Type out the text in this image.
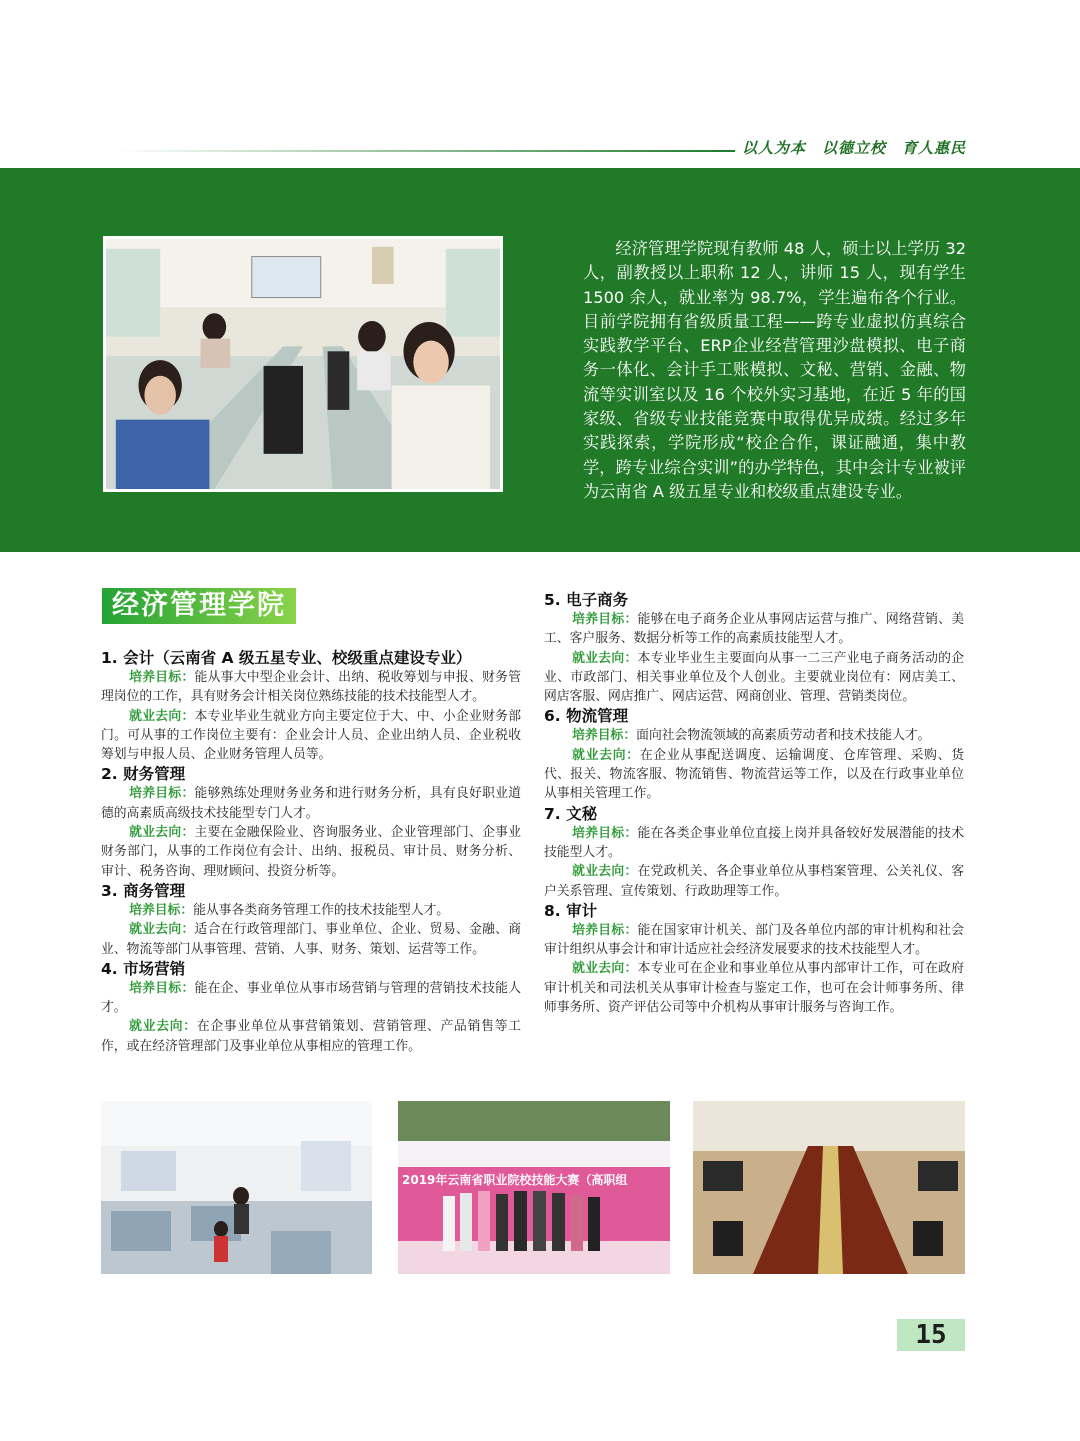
以人为本　以德立校　育人惠民
经济管理学院现有教师 48 人，硕士以上学历 32 人，副教授以上职称 12 人，讲师 15 人，现有学生 1500 余人，就业率为 98.7%，学生遍布各个行业。目前学院拥有省级质量工程——跨专业虚拟仿真综合实践教学平台、ERP企业经营管理沙盘模拟、电子商务一体化、会计手工账模拟、文秘、营销、金融、物流等实训室以及 16 个校外实习基地，在近 5 年的国家级、省级专业技能竞赛中取得优异成绩。经过多年实践探索，学院形成“校企合作，课证融通，集中教学，跨专业综合实训”的办学特色，其中会计专业被评为云南省 A 级五星专业和校级重点建设专业。
经济管理学院
1. 会计（云南省 A 级五星专业、校级重点建设专业）

培养目标：能从事大中型企业会计、出纳、税收筹划与申报、财务管理岗位的工作，具有财务会计相关岗位熟练技能的技术技能型人才。

就业去向：本专业毕业生就业方向主要定位于大、中、小企业财务部门。可从事的工作岗位主要有：企业会计人员、企业出纳人员、企业税收筹划与申报人员、企业财务管理人员等。

2. 财务管理

培养目标：能够熟练处理财务业务和进行财务分析，具有良好职业道德的高素质高级技术技能型专门人才。

就业去向：主要在金融保险业、咨询服务业、企业管理部门、企事业财务部门，从事的工作岗位有会计、出纳、报税员、审计员、财务分析、审计、税务咨询、理财顾问、投资分析等。

3. 商务管理

培养目标：能从事各类商务管理工作的技术技能型人才。

就业去向：适合在行政管理部门、事业单位、企业、贸易、金融、商业、物流等部门从事管理、营销、人事、财务、策划、运营等工作。

4. 市场营销

培养目标：能在企、事业单位从事市场营销与管理的营销技术技能人才。

就业去向：在企事业单位从事营销策划、营销管理、产品销售等工作，或在经济管理部门及事业单位从事相应的管理工作。

5. 电子商务

培养目标：能够在电子商务企业从事网店运营与推广、网络营销、美工、客户服务、数据分析等工作的高素质技能型人才。

就业去向：本专业毕业生主要面向从事一二三产业电子商务活动的企业、市政部门、相关事业单位及个人创业。主要就业岗位有：网店美工、网店客服、网店推广、网店运营、网商创业、管理、营销类岗位。

6. 物流管理

培养目标：面向社会物流领域的高素质劳动者和技术技能人才。

就业去向：在企业从事配送调度、运输调度、仓库管理、采购、货代、报关、物流客服、物流销售、物流营运等工作，以及在行政事业单位从事相关管理工作。

7. 文秘

培养目标：能在各类企事业单位直接上岗并具备较好发展潜能的技术技能型人才。

就业去向：在党政机关、各企事业单位从事档案管理、公关礼仪、客户关系管理、宣传策划、行政助理等工作。

8. 审计

培养目标：能在国家审计机关、部门及各单位内部的审计机构和社会审计组织从事会计和审计适应社会经济发展要求的技术技能型人才。

就业去向：本专业可在企业和事业单位从事内部审计工作，可在政府审计机关和司法机关从事审计检查与鉴定工作，也可在会计师事务所、律师事务所、资产评估公司等中介机构从事审计服务与咨询工作。

2019年云南省职业院校技能大赛（高职组
15
